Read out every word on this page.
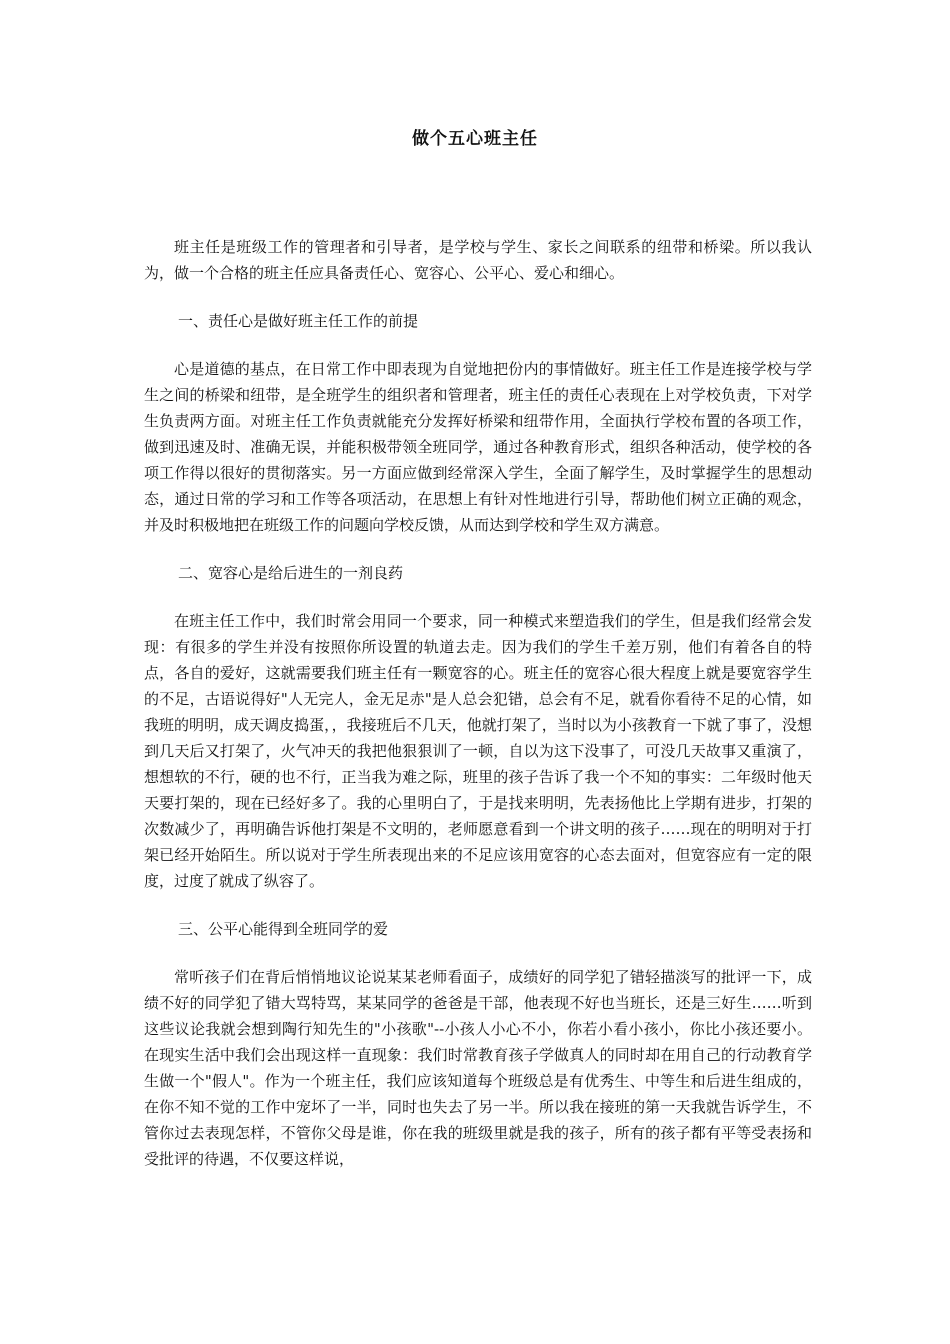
做个五心班主任

班主任是班级工作的管理者和引导者，是学校与学生、家长之间联系的纽带和桥梁。所以我认为，做一个合格的班主任应具备责任心、宽容心、公平心、爱心和细心。

一、责任心是做好班主任工作的前提

心是道德的基点，在日常工作中即表现为自觉地把份内的事情做好。班主任工作是连接学校与学生之间的桥梁和纽带，是全班学生的组织者和管理者，班主任的责任心表现在上对学校负责，下对学生负责两方面。对班主任工作负责就能充分发挥好桥梁和纽带作用，全面执行学校布置的各项工作，做到迅速及时、准确无误，并能积极带领全班同学，通过各种教育形式，组织各种活动，使学校的各项工作得以很好的贯彻落实。另一方面应做到经常深入学生，全面了解学生，及时掌握学生的思想动态，通过日常的学习和工作等各项活动，在思想上有针对性地进行引导，帮助他们树立正确的观念，并及时积极地把在班级工作的问题向学校反馈，从而达到学校和学生双方满意。

二、宽容心是给后进生的一剂良药

在班主任工作中，我们时常会用同一个要求，同一种模式来塑造我们的学生，但是我们经常会发现：有很多的学生并没有按照你所设置的轨道去走。因为我们的学生千差万别，他们有着各自的特点，各自的爱好，这就需要我们班主任有一颗宽容的心。班主任的宽容心很大程度上就是要宽容学生的不足，古语说得好"人无完人，金无足赤"是人总会犯错，总会有不足，就看你看待不足的心情，如我班的明明，成天调皮捣蛋，，我接班后不几天，他就打架了，当时以为小孩教育一下就了事了，没想到几天后又打架了，火气冲天的我把他狠狠训了一顿，自以为这下没事了，可没几天故事又重演了，想想软的不行，硬的也不行，正当我为难之际，班里的孩子告诉了我一个不知的事实：二年级时他天天要打架的，现在已经好多了。我的心里明白了，于是找来明明，先表扬他比上学期有进步，打架的次数减少了，再明确告诉他打架是不文明的，老师愿意看到一个讲文明的孩子……现在的明明对于打架已经开始陌生。所以说对于学生所表现出来的不足应该用宽容的心态去面对，但宽容应有一定的限度，过度了就成了纵容了。

三、公平心能得到全班同学的爱

常听孩子们在背后悄悄地议论说某某老师看面子，成绩好的同学犯了错轻描淡写的批评一下，成绩不好的同学犯了错大骂特骂，某某同学的爸爸是干部，他表现不好也当班长，还是三好生……听到这些议论我就会想到陶行知先生的"小孩歌"--小孩人小心不小，你若小看小孩小，你比小孩还要小。在现实生活中我们会出现这样一直现象：我们时常教育孩子学做真人的同时却在用自己的行动教育学生做一个"假人"。作为一个班主任，我们应该知道每个班级总是有优秀生、中等生和后进生组成的，在你不知不觉的工作中宠坏了一半，同时也失去了另一半。所以我在接班的第一天我就告诉学生，不管你过去表现怎样，不管你父母是谁，你在我的班级里就是我的孩子，所有的孩子都有平等受表扬和受批评的待遇，不仅要这样说，
